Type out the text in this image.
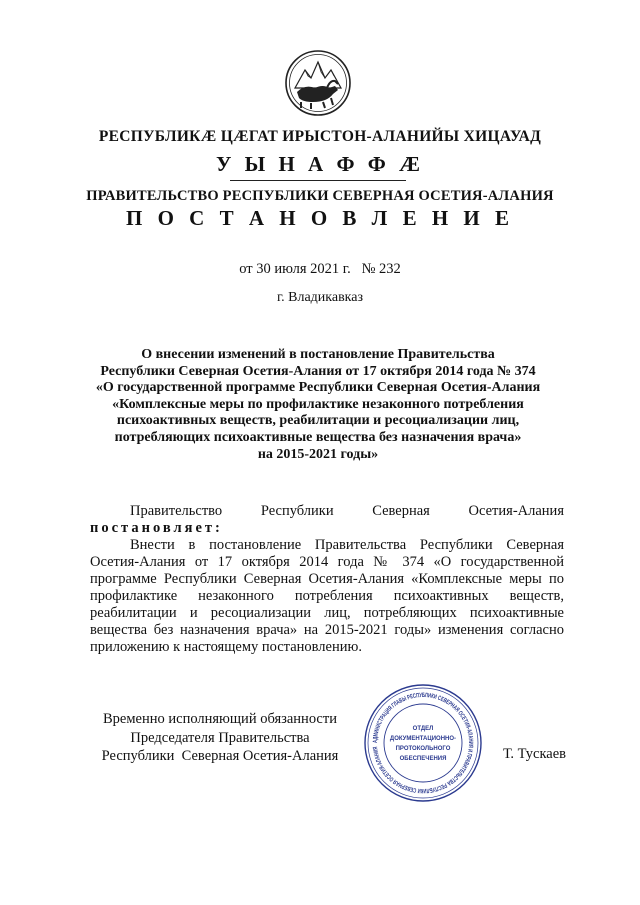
РЕСПУБЛИКӔ ЦӔГАТ ИРЫСТОН-АЛАНИЙЫ ХИЦАУАД
У Ы Н А Ф Ф Ӕ
ПРАВИТЕЛЬСТВО РЕСПУБЛИКИ СЕВЕРНАЯ ОСЕТИЯ-АЛАНИЯ
П О С Т А Н О В Л Е Н И Е
от 30 июля 2021 г.   № 232
г. Владикавказ
О внесении изменений в постановление Правительства
Республики Северная Осетия-Алания от 17 октября 2014 года № 374
«О государственной программе Республики Северная Осетия-Алания
«Комплексные меры по профилактике незаконного потребления
психоактивных веществ, реабилитации и ресоциализации лиц,
потребляющих психоактивные вещества без назначения врача»
на 2015-2021 годы»
Правительство Республики Северная Осетия-Алания
постановляет:
Внести в постановление Правительства Республики Северная
Осетия-Алания от 17 октября 2014 года № 374 «О государственной
программе Республики Северная Осетия-Алания «Комплексные меры по
профилактике незаконного потребления психоактивных веществ,
реабилитации и ресоциализации лиц, потребляющих психоактивные
вещества без назначения врача» на 2015-2021 годы» изменения согласно
приложению к настоящему постановлению.
Временно исполняющий обязанности
Председателя Правительства
Республики  Северная Осетия-Алания
АДМИНИСТРАЦИЯ ГЛАВЫ РЕСПУБЛИКИ СЕВЕРНАЯ ОСЕТИЯ-АЛАНИЯ И ПРАВИТЕЛЬСТВА РЕСПУБЛИКИ СЕВЕРНАЯ ОСЕТИЯ-АЛАНИЯ
ОТДЕЛ
ДОКУМЕНТАЦИОННО-
ПРОТОКОЛЬНОГО
ОБЕСПЕЧЕНИЯ	Т. Тускаев
